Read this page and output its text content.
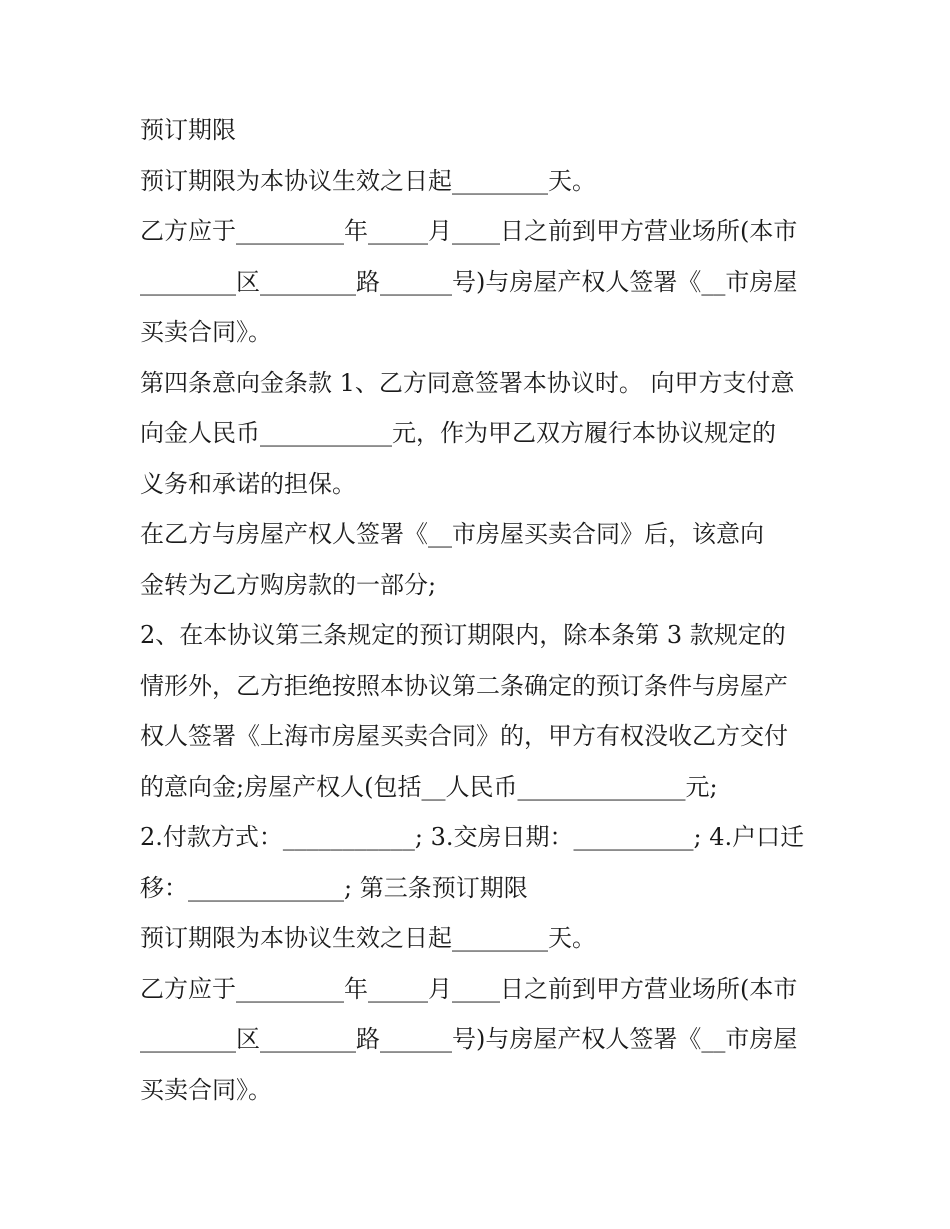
预订期限
预订期限为本协议生效之日起________天。
乙方应于_________年_____月____日之前到甲方营业场所(本市
________区________路______号)与房屋产权人签署《__市房屋
买卖合同》。
第四条意向金条款 1、乙方同意签署本协议时。 向甲方支付意
向金人民币___________元，作为甲乙双方履行本协议规定的
义务和承诺的担保。
在乙方与房屋产权人签署《__市房屋买卖合同》后，该意向
金转为乙方购房款的一部分;
2、在本协议第三条规定的预订期限内，除本条第 3 款规定的
情形外，乙方拒绝按照本协议第二条确定的预订条件与房屋产
权人签署《上海市房屋买卖合同》的，甲方有权没收乙方交付
的意向金;房屋产权人(包括__人民币______________元;
2.付款方式：___________; 3.交房日期：__________; 4.户口迁
移：_____________; 第三条预订期限
预订期限为本协议生效之日起________天。
乙方应于_________年_____月____日之前到甲方营业场所(本市
________区________路______号)与房屋产权人签署《__市房屋
买卖合同》。
